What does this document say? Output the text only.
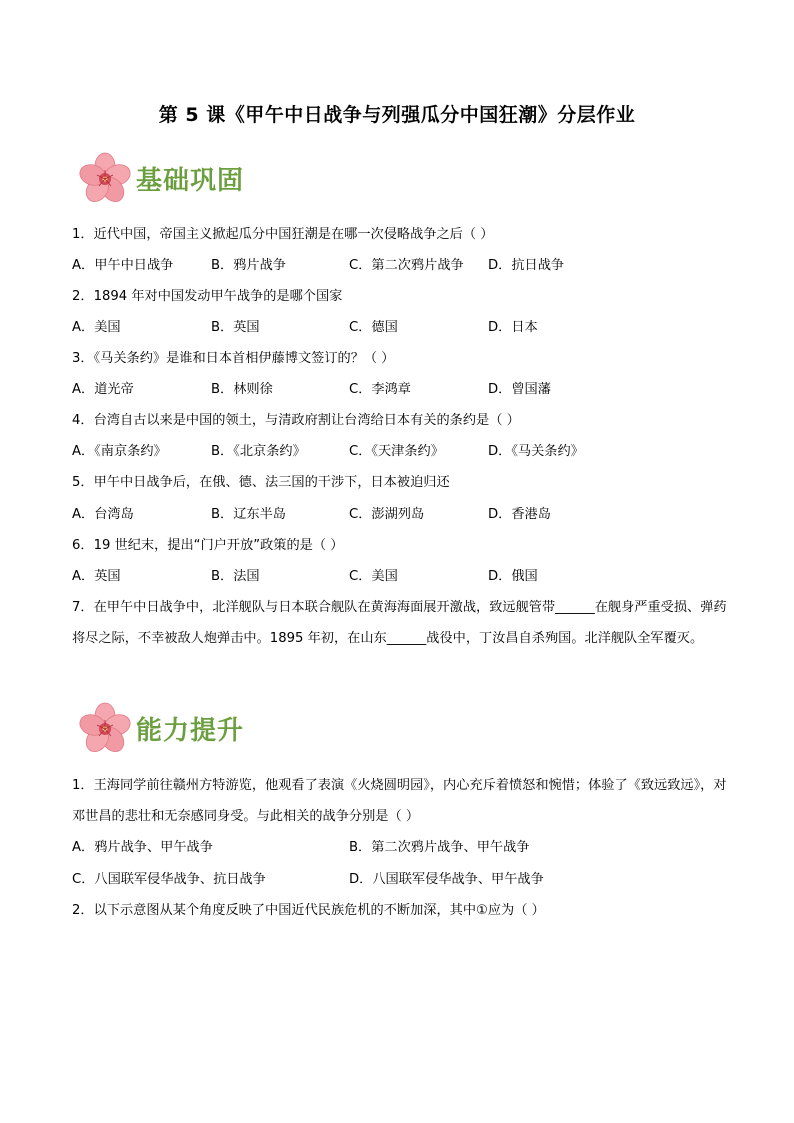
第 5 课《甲午中日战争与列强瓜分中国狂潮》分层作业
基础巩固
1．近代中国，帝国主义掀起瓜分中国狂潮是在哪一次侵略战争之后（ ）
A．甲午中日战争	B．鸦片战争	C．第二次鸦片战争 D．抗日战争
2．1894 年对中国发动甲午战争的是哪个国家
A．美国	B．英国	C．德国	D．日本
3．《马关条约》是谁和日本首相伊藤博文签订的？（ ）
A．道光帝	B．林则徐	C．李鸿章	D．曾国藩
4．台湾自古以来是中国的领土，与清政府割让台湾给日本有关的条约是（ ）
A．《南京条约》	B．《北京条约》	C．《天津条约》	D．《马关条约》
5．甲午中日战争后，在俄、德、法三国的干涉下，日本被迫归还
A．台湾岛	B．辽东半岛	C．澎湖列岛	D．香港岛
6．19 世纪末，提出“门户开放”政策的是（ ）
A．英国	B．法国	C．美国	D．俄国
7．在甲午中日战争中，北洋舰队与日本联合舰队在黄海海面展开激战，致远舰管带______在舰身严重受损、弹药将尽之际，不幸被敌人炮弹击中。1895 年初，在山东______战役中，丁汝昌自杀殉国。北洋舰队全军覆灭。
能力提升
1．王海同学前往赣州方特游览，他观看了表演《火烧圆明园》，内心充斥着愤怒和惋惜；体验了《致远致远》，对邓世昌的悲壮和无奈感同身受。与此相关的战争分别是（ ）
A．鸦片战争、甲午战争	B．第二次鸦片战争、甲午战争
C．八国联军侵华战争、抗日战争	D．八国联军侵华战争、甲午战争
2．以下示意图从某个角度反映了中国近代民族危机的不断加深，其中①应为（ ）
